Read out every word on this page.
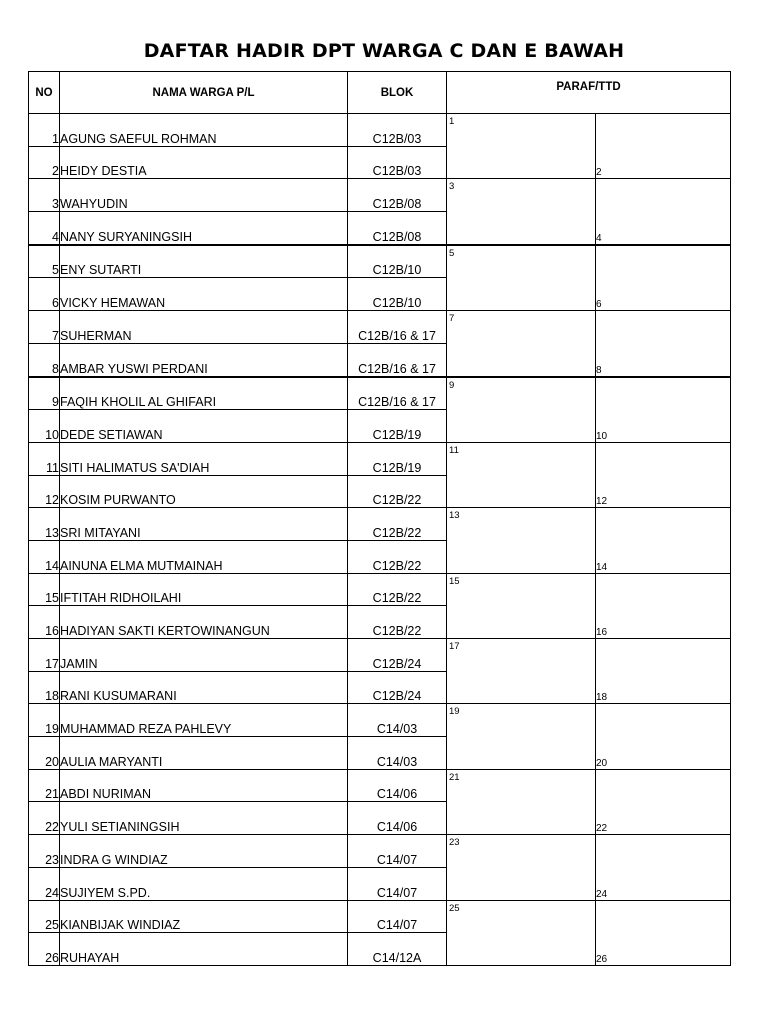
DAFTAR HADIR DPT WARGA C DAN E BAWAH
NO	NAMA WARGA P/L	BLOK	PARAF/TTD	
1	AGUNG SAEFUL ROHMAN	C12B/03	1	

2	HEIDY DESTIA	C12B/03		2
3	WAHYUDIN	C12B/08	3	

4	NANY SURYANINGSIH	C12B/08		4
5	ENY SUTARTI	C12B/10	5	

6	VICKY HEMAWAN	C12B/10		6
7	SUHERMAN	C12B/16 & 17	7	

8	AMBAR YUSWI PERDANI	C12B/16 & 17		8
9	FAQIH KHOLIL AL GHIFARI	C12B/16 & 17	9	

10	DEDE SETIAWAN	C12B/19		10
11	SITI HALIMATUS SA'DIAH	C12B/19	11	

12	KOSIM PURWANTO	C12B/22		12
13	SRI MITAYANI	C12B/22	13	

14	AINUNA ELMA MUTMAINAH	C12B/22		14
15	IFTITAH RIDHOILAHI	C12B/22	15	

16	HADIYAN SAKTI KERTOWINANGUN	C12B/22		16
17	JAMIN	C12B/24	17	

18	RANI KUSUMARANI	C12B/24		18
19	MUHAMMAD REZA PAHLEVY	C14/03	19	

20	AULIA MARYANTI	C14/03		20
21	ABDI NURIMAN	C14/06	21	

22	YULI SETIANINGSIH	C14/06		22
23	INDRA G WINDIAZ	C14/07	23	

24	SUJIYEM S.PD.	C14/07		24
25	KIANBIJAK WINDIAZ	C14/07	25	

26	RUHAYAH	C14/12A		26
